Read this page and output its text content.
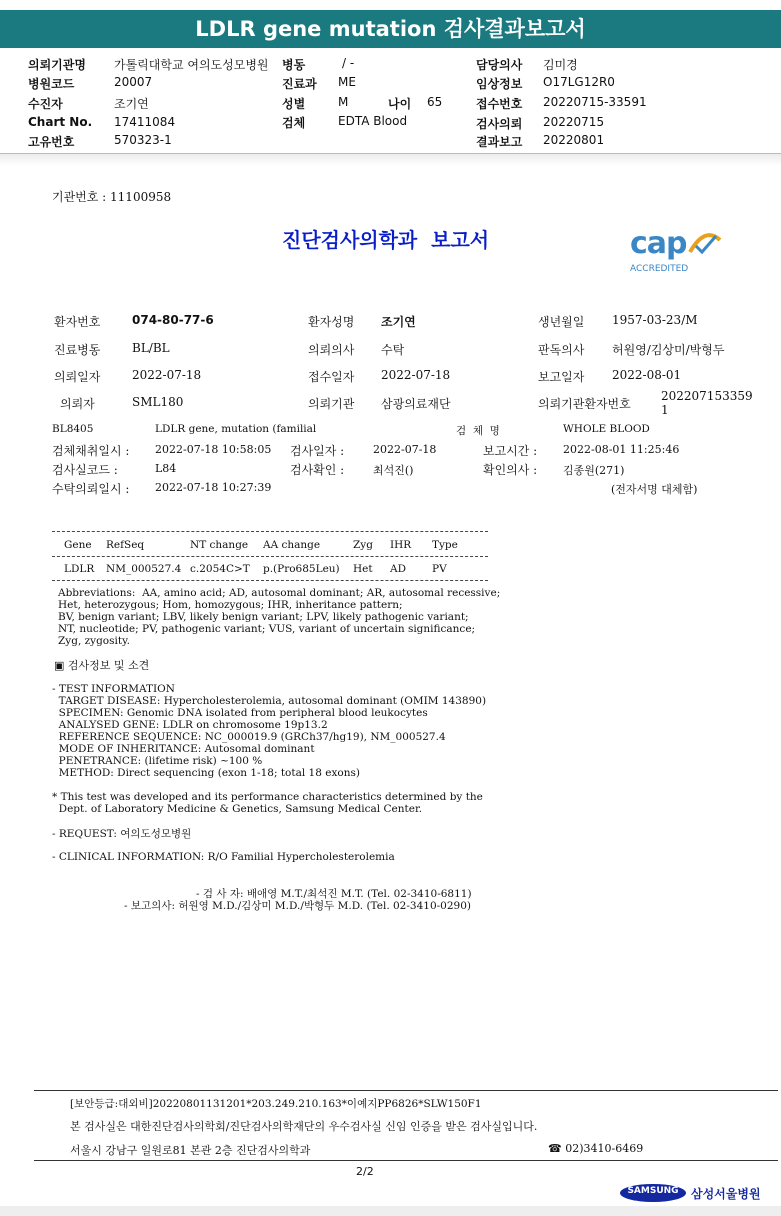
LDLR gene mutation 검사결과보고서
의뢰기관명 가톨릭대학교 여의도성모병원
병원코드	20007
수진자	조기연
Chart No. 17411084
고유번호	570323-1
병동	/ -
진료과 ME
성별	M	나이 65
검체	EDTA Blood
담당의사 김미경
임상정보 O17LG12R0
접수번호 20220715-33591
검사의뢰 20220715
결과보고 20220801
기관번호 : 11100958
진단검사의학과  보고서	cap
ACCREDITED
환자번호	074-80-77-6	환자성명 조기연	생년월일 1957-03-23/M
진료병동	BL/BL	의뢰의사 수탁	판독의사 허원영/김상미/박형두
의뢰일자	2022-07-18	접수일자 2022-07-18	보고일자 2022-08-01
의뢰자	SML180	의뢰기관 삼광의료재단	의뢰기관환자번호
202207153359
1
BL8405	LDLR gene, mutation (familial	검  체  명	WHOLE BLOOD
검체채취일시 : 2022-07-18 10:58:05 검사일자 :	2022-07-18	보고시간 : 2022-08-01 11:25:46
검사실코드 :	L84	검사확인 :	최석진()	확인의사 : 김종원(271)
수탁의뢰일시 : 2022-07-18 10:27:39	(전자서명 대체함)
Gene RefSeq	NT change AA change	Zyg IHR Type
LDLR NM_000527.4 c.2054C>T p.(Pro685Leu) Het AD PV
Abbreviations:  AA, amino acid; AD, autosomal dominant; AR, autosomal recessive;
Het, heterozygous; Hom, homozygous; IHR, inheritance pattern;
BV, benign variant; LBV, likely benign variant; LPV, likely pathogenic variant;
NT, nucleotide; PV, pathogenic variant; VUS, variant of uncertain significance;
Zyg, zygosity.
▣ 검사정보 및 소견
- TEST INFORMATION
TARGET DISEASE: Hypercholesterolemia, autosomal dominant (OMIM 143890)
SPECIMEN: Genomic DNA isolated from peripheral blood leukocytes
ANALYSED GENE: LDLR on chromosome 19p13.2
REFERENCE SEQUENCE: NC_000019.9 (GRCh37/hg19), NM_000527.4
MODE OF INHERITANCE: Autosomal dominant
PENETRANCE: (lifetime risk) ~100 %
METHOD: Direct sequencing (exon 1-18; total 18 exons)
* This test was developed and its performance characteristics determined by the
Dept. of Laboratory Medicine & Genetics, Samsung Medical Center.
- REQUEST: 여의도성모병원
- CLINICAL INFORMATION: R/O Familial Hypercholesterolemia
- 검 사 자: 배애영 M.T./최석진 M.T. (Tel. 02-3410-6811)
- 보고의사: 허원영 M.D./김상미 M.D./박형두 M.D. (Tel. 02-3410-0290)
[보안등급:대외비]20220801131201*203.249.210.163*이예지PP6826*SLW150F1
본 검사실은 대한진단검사의학회/진단검사의학재단의 우수검사실 신임 인증을 받은 검사실입니다.
서울시 강남구 일원로81 본관 2층 진단검사의학과	☎ 02)3410-6469
2/2
SAMSUNG	삼성서울병원
